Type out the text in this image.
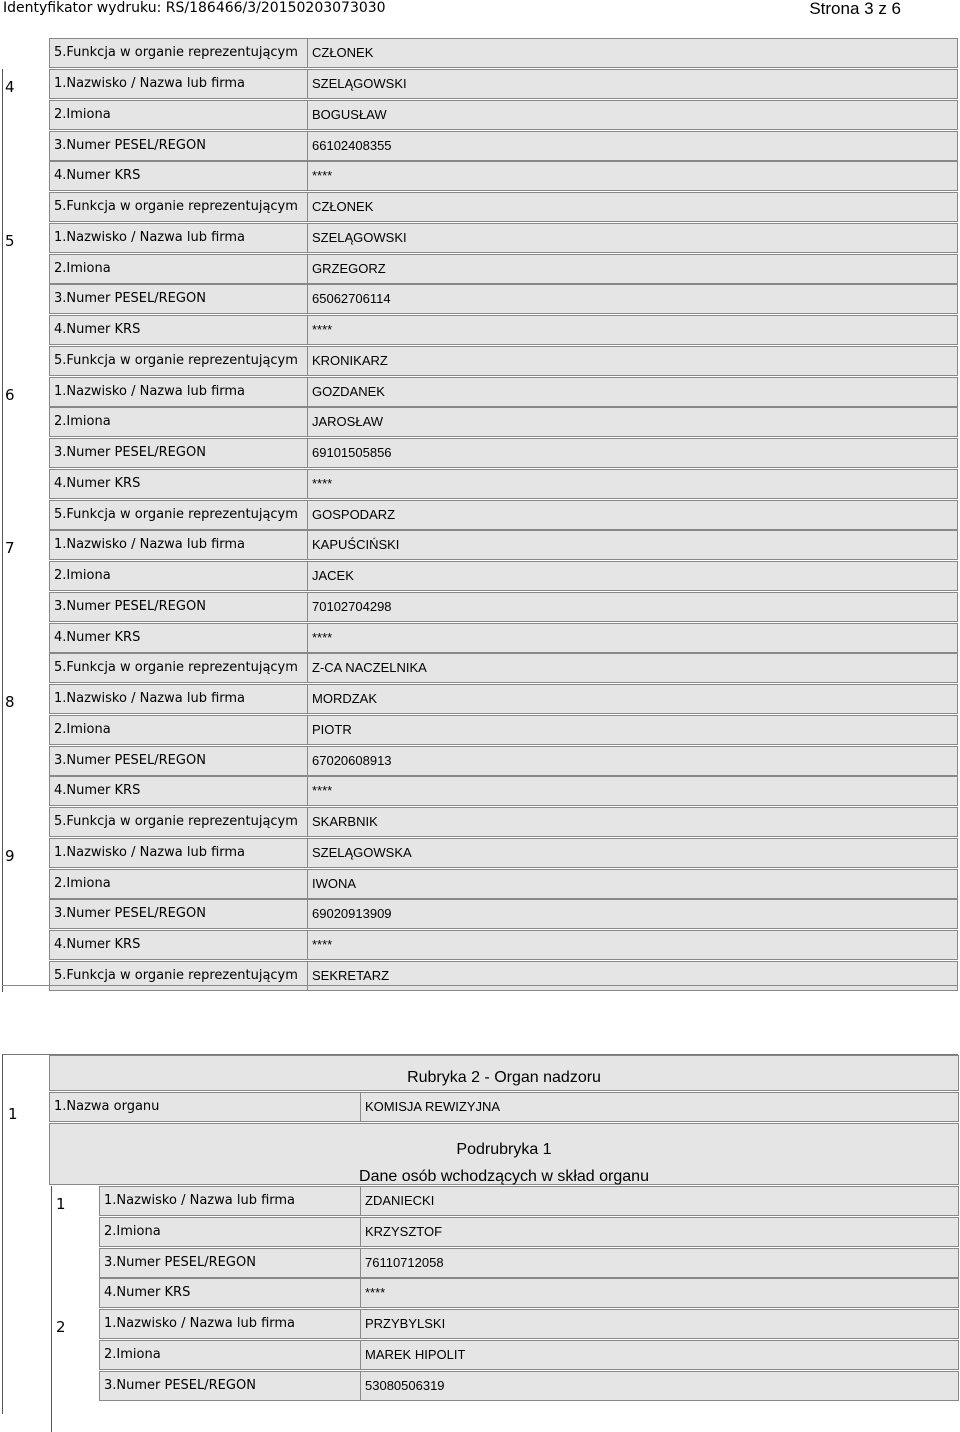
Identyfikator wydruku: RS/186466/3/20150203073030	Strona 3 z 6
5.Funkcja w organie reprezentującym CZŁONEK
4	1.Nazwisko / Nazwa lub firma	SZELĄGOWSKI
2.Imiona	BOGUSŁAW
3.Numer PESEL/REGON	66102408355
4.Numer KRS	****
5.Funkcja w organie reprezentującym CZŁONEK
5	1.Nazwisko / Nazwa lub firma	SZELĄGOWSKI
2.Imiona	GRZEGORZ
3.Numer PESEL/REGON	65062706114
4.Numer KRS	****
5.Funkcja w organie reprezentującym KRONIKARZ
6	1.Nazwisko / Nazwa lub firma	GOZDANEK
2.Imiona	JAROSŁAW
3.Numer PESEL/REGON	69101505856
4.Numer KRS	****
5.Funkcja w organie reprezentującym GOSPODARZ
7	1.Nazwisko / Nazwa lub firma	KAPUŚCIŃSKI
2.Imiona	JACEK
3.Numer PESEL/REGON	70102704298
4.Numer KRS	****
5.Funkcja w organie reprezentującym Z-CA NACZELNIKA
8	1.Nazwisko / Nazwa lub firma	MORDZAK
2.Imiona	PIOTR
3.Numer PESEL/REGON	67020608913
4.Numer KRS	****
5.Funkcja w organie reprezentującym SKARBNIK
9	1.Nazwisko / Nazwa lub firma	SZELĄGOWSKA
2.Imiona	IWONA
3.Numer PESEL/REGON	69020913909
4.Numer KRS	****
5.Funkcja w organie reprezentującym SEKRETARZ
Rubryka 2 - Organ nadzoru
1	1.Nazwa organu	KOMISJA REWIZYJNA
Podrubryka 1
Dane osób wchodzących w skład organu
1	1.Nazwisko / Nazwa lub firma	ZDANIECKI
2.Imiona	KRZYSZTOF
3.Numer PESEL/REGON	76110712058
4.Numer KRS	****
2	1.Nazwisko / Nazwa lub firma	PRZYBYLSKI
2.Imiona	MAREK HIPOLIT
3.Numer PESEL/REGON	53080506319
